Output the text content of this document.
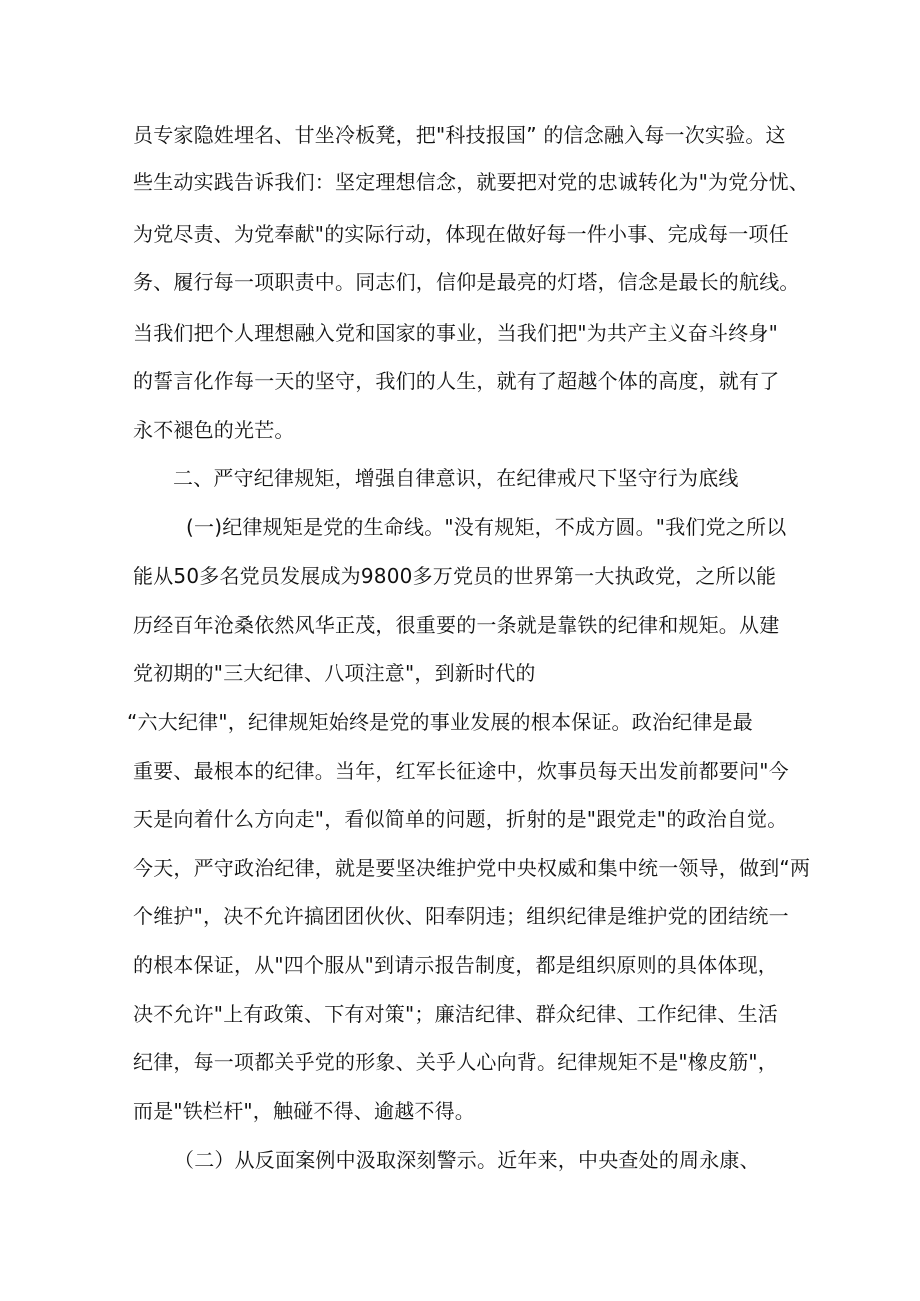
员专家隐姓埋名、甘坐冷板凳，把"科技报国” 的信念融入每一次实验。这

些生动实践告诉我们：坚定理想信念，就要把对党的忠诚转化为"为党分忧、

为党尽责、为党奉献"的实际行动，体现在做好每一件小事、完成每一项任

务、履行每一项职责中。同志们，信仰是最亮的灯塔，信念是最长的航线。

当我们把个人理想融入党和国家的事业，当我们把"为共产主义奋斗终身"

的誓言化作每一天的坚守，我们的人生，就有了超越个体的高度，就有了

永不褪色的光芒。

二、严守纪律规矩，增强自律意识，在纪律戒尺下坚守行为底线

(一)纪律规矩是党的生命线。"没有规矩，不成方圆。"我们党之所以

能从50多名党员发展成为9800多万党员的世界第一大执政党，之所以能

历经百年沧桑依然风华正茂，很重要的一条就是靠铁的纪律和规矩。从建

党初期的"三大纪律、八项注意"，到新时代的

“六大纪律"，纪律规矩始终是党的事业发展的根本保证。政治纪律是最

重要、最根本的纪律。当年，红军长征途中，炊事员每天出发前都要问"今

天是向着什么方向走"，看似简单的问题，折射的是"跟党走"的政治自觉。

今天，严守政治纪律，就是要坚决维护党中央权威和集中统一领导，做到“两

个维护"，决不允许搞团团伙伙、阳奉阴违；组织纪律是维护党的团结统一

的根本保证，从"四个服从"到请示报告制度，都是组织原则的具体体现，

决不允许"上有政策、下有对策"；廉洁纪律、群众纪律、工作纪律、生活

纪律，每一项都关乎党的形象、关乎人心向背。纪律规矩不是"橡皮筋"，

而是"铁栏杆"，触碰不得、逾越不得。

（二）从反面案例中汲取深刻警示。近年来，中央查处的周永康、
